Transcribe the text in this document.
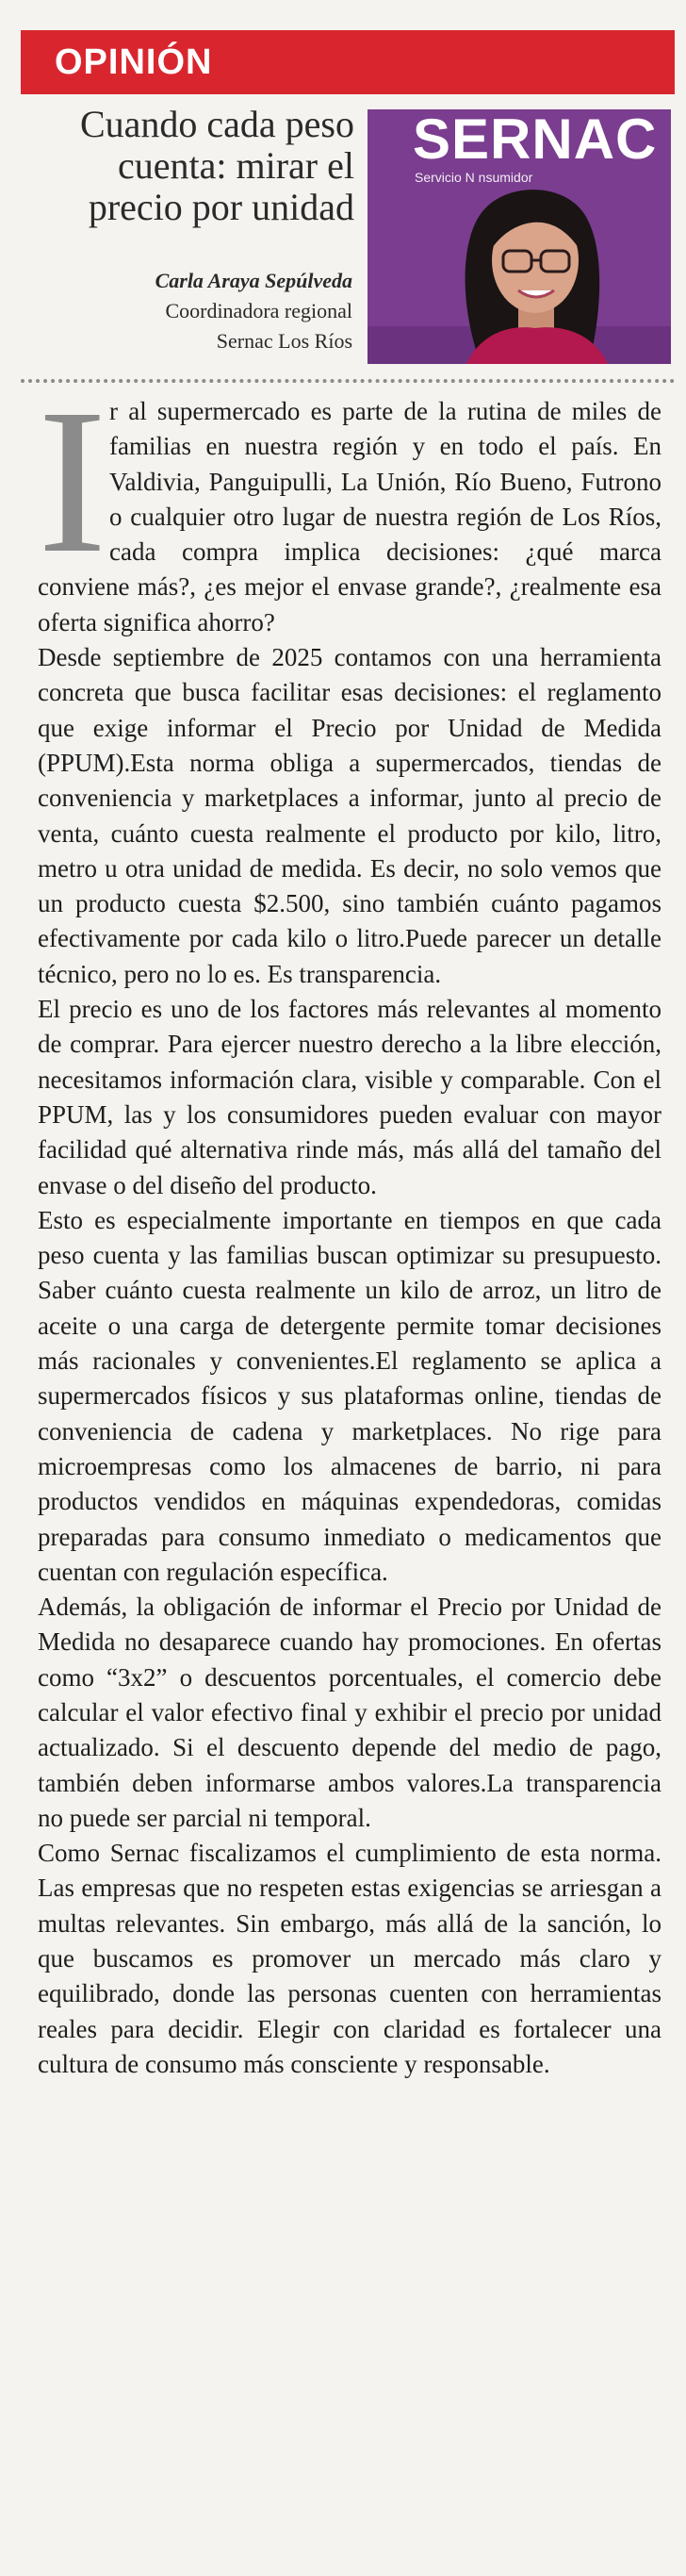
OPINIÓN
Cuando cada peso
cuenta: mirar el
precio por unidad
Carla Araya Sepúlveda
Coordinadora regional
Sernac Los Ríos
SERNAC
Servicio N nsumidor

Ir al supermercado es parte de la rutina de miles de familias en nuestra región y en todo el país. En Valdivia, Panguipulli, La Unión, Río Bueno, Futrono o cualquier otro lugar de nuestra región de Los Ríos, cada compra implica decisiones: ¿qué marca conviene más?, ¿es mejor el envase grande?, ¿realmente esa oferta significa ahorro?

Desde septiembre de 2025 contamos con una herramienta concreta que busca facilitar esas decisiones: el reglamento que exige informar el Precio por Unidad de Medida (PPUM).Esta norma obliga a supermercados, tiendas de conveniencia y marketplaces a informar, junto al precio de venta, cuánto cuesta realmente el producto por kilo, litro, metro u otra unidad de medida. Es decir, no solo vemos que un producto cuesta $2.500, sino también cuánto pagamos efectivamente por cada kilo o litro.Puede parecer un detalle técnico, pero no lo es. Es transparencia.

El precio es uno de los factores más relevantes al momento de comprar. Para ejercer nuestro derecho a la libre elección, necesitamos información clara, visible y comparable. Con el PPUM, las y los consumidores pueden evaluar con mayor facilidad qué alternativa rinde más, más allá del tamaño del envase o del diseño del producto.

Esto es especialmente importante en tiempos en que cada peso cuenta y las familias buscan optimizar su presupuesto. Saber cuánto cuesta realmente un kilo de arroz, un litro de aceite o una carga de detergente permite tomar decisiones más racionales y convenientes.El reglamento se aplica a supermercados físicos y sus plataformas online, tiendas de conveniencia de cadena y marketplaces. No rige para microempresas como los almacenes de barrio, ni para productos vendidos en máquinas expendedoras, comidas preparadas para consumo inmediato o medicamentos que cuentan con regulación específica.

Además, la obligación de informar el Precio por Unidad de Medida no desaparece cuando hay promociones. En ofertas como “3x2” o descuentos porcentuales, el comercio debe calcular el valor efectivo final y exhibir el precio por unidad actualizado. Si el descuento depende del medio de pago, también deben informarse ambos valores.La transparencia no puede ser parcial ni temporal.

Como Sernac fiscalizamos el cumplimiento de esta norma. Las empresas que no respeten estas exigencias se arriesgan a multas relevantes. Sin embargo, más allá de la sanción, lo que buscamos es promover un mercado más claro y equilibrado, donde las personas cuenten con herramientas reales para decidir. Elegir con claridad es fortalecer una cultura de consumo más consciente y responsable.
